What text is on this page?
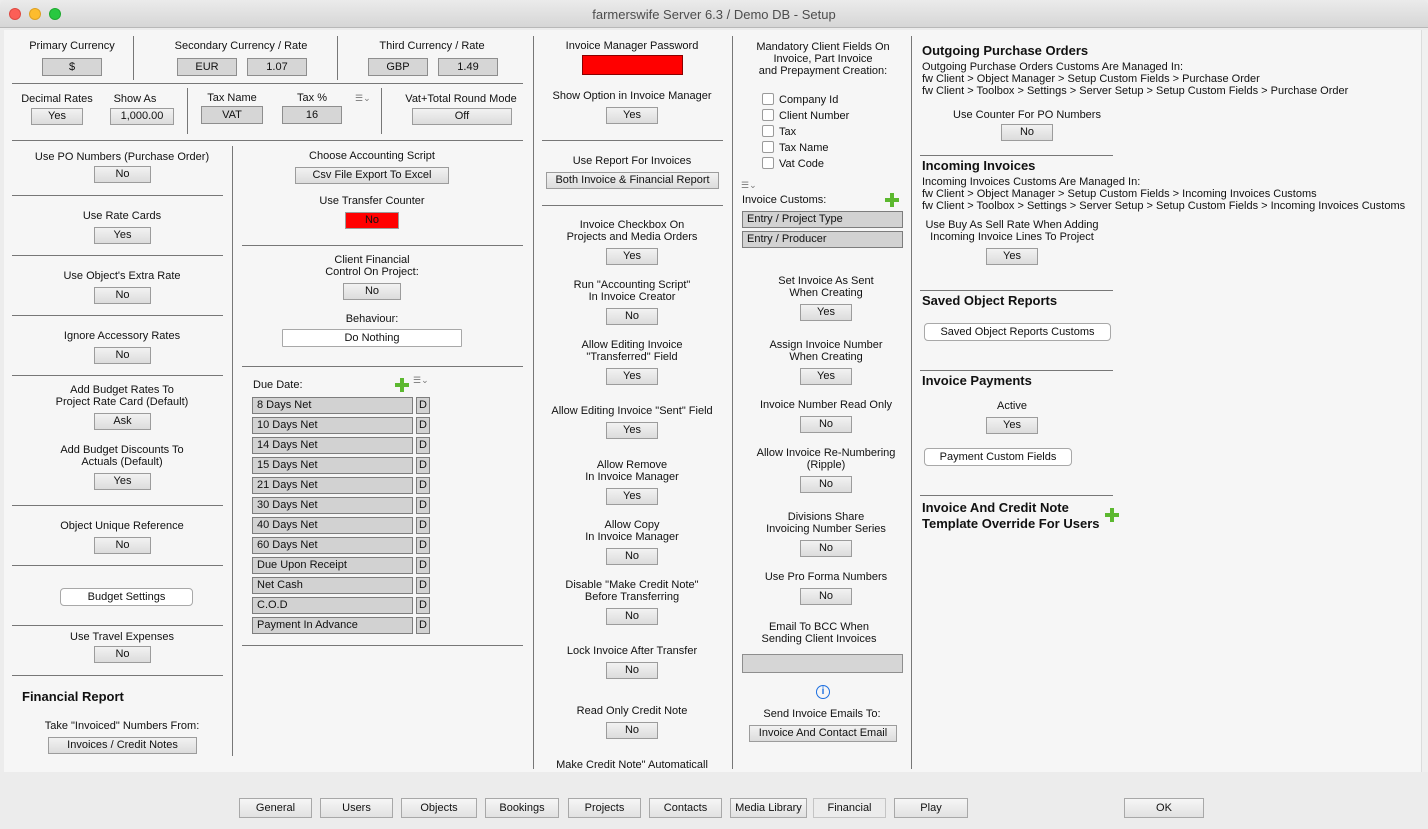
farmerswife Server 6.3 / Demo DB - Setup
Primary Currency
$
Secondary Currency / Rate
EUR	1.07
Third Currency / Rate
GBP	1.49
Decimal Rates
Yes
Show As
1,000.00
Tax Name
VAT
Tax %
16
☰⌄	Vat+Total Round Mode
Off
Use PO Numbers (Purchase Order)
No
Use Rate Cards
Yes
Use Object's Extra Rate
No
Ignore Accessory Rates
No
Add Budget Rates To
Project Rate Card (Default)
Ask
Add Budget Discounts To
Actuals (Default)
Yes
Object Unique Reference
No
Budget Settings
Use Travel Expenses
No
Financial Report
Take "Invoiced" Numbers From:
Invoices / Credit Notes
Choose Accounting Script
Csv File Export To Excel
Use Transfer Counter
No
Client Financial
Control On Project:
No
Behaviour:
Do Nothing
Due Date:	☰⌄
8 Days Net	D
10 Days Net	D
14 Days Net	D
15 Days Net	D
21 Days Net	D
30 Days Net	D
40 Days Net	D
60 Days Net	D
Due Upon Receipt	D
Net Cash	D
C.O.D	D
Payment In Advance	D
Invoice Manager Password
Show Option in Invoice Manager
Yes
Use Report For Invoices
Both Invoice & Financial Report
Invoice Checkbox On
Projects and Media Orders
Yes
Run "Accounting Script"
In Invoice Creator
No
Allow Editing Invoice
"Transferred" Field
Yes
Allow Editing Invoice "Sent" Field
Yes
Allow Remove
In Invoice Manager
Yes
Allow Copy
In Invoice Manager
No
Disable "Make Credit Note"
Before Transferring
No
Lock Invoice After Transfer
No
Read Only Credit Note
No
Make Credit Note" Automaticall
Mandatory Client Fields On
Invoice, Part Invoice
and Prepayment Creation:
Company Id
Client Number
Tax
Tax Name
Vat Code
☰⌄
Invoice Customs:
Entry / Project Type
Entry / Producer
Set Invoice As Sent
When Creating
Yes
Assign Invoice Number
When Creating
Yes
Invoice Number Read Only
No
Allow Invoice Re-Numbering
(Ripple)
No
Divisions Share
Invoicing Number Series
No
Use Pro Forma Numbers
No
Email To BCC When
Sending Client Invoices
i
Send Invoice Emails To:
Invoice And Contact Email
Outgoing Purchase Orders
Outgoing Purchase Orders Customs Are Managed In:
fw Client > Object Manager > Setup Custom Fields > Purchase Order
fw Client > Toolbox > Settings > Server Setup > Setup Custom Fields > Purchase Order
Use Counter For PO Numbers
No
Incoming Invoices
Incoming Invoices Customs Are Managed In:
fw Client > Object Manager > Setup Custom Fields > Incoming Invoices Customs
fw Client > Toolbox > Settings > Server Setup > Setup Custom Fields > Incoming Invoices Customs
Use Buy As Sell Rate When Adding
Incoming Invoice Lines To Project
Yes
Saved Object Reports
Saved Object Reports Customs
Invoice Payments
Active
Yes
Payment Custom Fields
Invoice And Credit Note
Template Override For Users
General	Users	Objects	Bookings	Projects	Contacts	Media Library	Financial	Play	OK
